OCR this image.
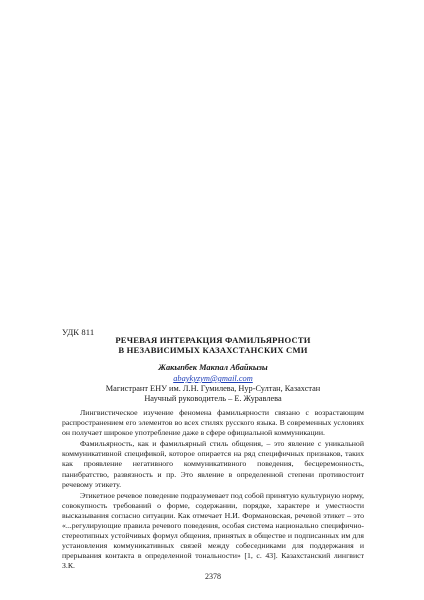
УДК 811
РЕЧЕВАЯ ИНТЕРАКЦИЯ ФАМИЛЬЯРНОСТИ
В НЕЗАВИСИМЫХ КАЗАХСТАНСКИХ СМИ
Жакыпбек Макпал Абайкызы
abaykyzym@gmail.com
Магистрант ЕНУ им. Л.Н. Гумилева, Нур-Султан, Казахстан
Научный руководитель – Е. Журавлева

Лингвистическое изучение феномена фамильярности связано с возрастающим распространением его элементов во всех стилях русского языка. В современных условиях он получает широкое употребление даже в сфере официальной коммуникации.

Фамильярность, как и фамильярный стиль общения, – это явление с уникальной коммуникативной спецификой, которое опирается на ряд специфичных признаков, таких как проявление негативного коммуникативного поведения, бесцеремонность, панибратство, развязность и пр. Это явление в определенной степени противостоит речевому этикету.

Этикетное речевое поведение подразумевает под собой принятую культурную норму, совокупность требований о форме, содержании, порядке, характере и уместности высказывания согласно ситуации. Как отмечает Н.И. Формановская, речевой этикет – это «...регулирующие правила речевого поведения, особая система национально специфично-стереотипных устойчивых формул общения, принятых в обществе и подписанных им для установления коммуникативных связей между собеседниками для поддержания и прерывания контакта в определенной тональности» [1, с. 43]. Казахстанский лингвист З.К.

2378
